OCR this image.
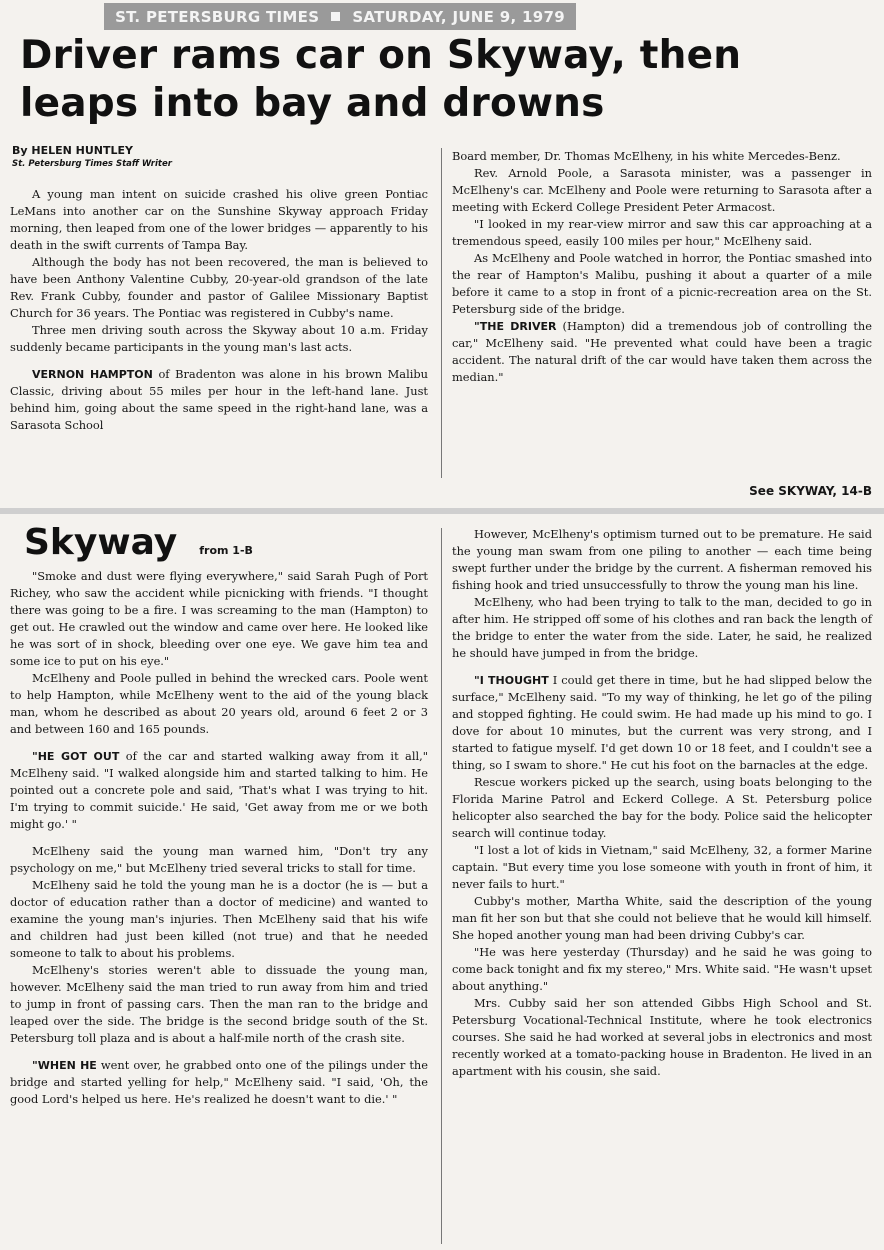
ST. PETERSBURG TIMES SATURDAY, JUNE 9, 1979
Driver rams car on Skyway, then leaps into bay and drowns
By HELEN HUNTLEY
St. Petersburg Times Staff Writer

A young man intent on suicide crashed his olive green Pontiac LeMans into another car on the Sunshine Skyway approach Friday morning, then leaped from one of the lower bridges — apparently to his death in the swift currents of Tampa Bay.

Although the body has not been recovered, the man is believed to have been Anthony Valentine Cubby, 20-year-old grandson of the late Rev. Frank Cubby, founder and pastor of Galilee Missionary Baptist Church for 36 years. The Pontiac was registered in Cubby's name.

Three men driving south across the Skyway about 10 a.m. Friday suddenly became participants in the young man's last acts.

VERNON HAMPTON of Bradenton was alone in his brown Malibu Classic, driving about 55 miles per hour in the left-hand lane. Just behind him, going about the same speed in the right-hand lane, was a Sarasota School

Board member, Dr. Thomas McElheny, in his white Mercedes-Benz.

Rev. Arnold Poole, a Sarasota minister, was a passenger in McElheny's car. McElheny and Poole were returning to Sarasota after a meeting with Eckerd College President Peter Armacost.

"I looked in my rear-view mirror and saw this car approaching at a tremendous speed, easily 100 miles per hour," McElheny said.

As McElheny and Poole watched in horror, the Pontiac smashed into the rear of Hampton's Malibu, pushing it about a quarter of a mile before it came to a stop in front of a picnic-recreation area on the St. Petersburg side of the bridge.

"THE DRIVER (Hampton) did a tremendous job of controlling the car," McElheny said. "He prevented what could have been a tragic accident. The natural drift of the car would have taken them across the median."

See SKYWAY, 14-B
Skyway from 1-B

"Smoke and dust were flying everywhere," said Sarah Pugh of Port Richey, who saw the accident while picnicking with friends. "I thought there was going to be a fire. I was screaming to the man (Hampton) to get out. He crawled out the window and came over here. He looked like he was sort of in shock, bleeding over one eye. We gave him tea and some ice to put on his eye."

McElheny and Poole pulled in behind the wrecked cars. Poole went to help Hampton, while McElheny went to the aid of the young black man, whom he described as about 20 years old, around 6 feet 2 or 3 and between 160 and 165 pounds.

"HE GOT OUT of the car and started walking away from it all," McElheny said. "I walked alongside him and started talking to him. He pointed out a concrete pole and said, 'That's what I was trying to hit. I'm trying to commit suicide.' He said, 'Get away from me or we both might go.' "

McElheny said the young man warned him, "Don't try any psychology on me," but McElheny tried several tricks to stall for time.

McElheny said he told the young man he is a doctor (he is — but a doctor of education rather than a doctor of medicine) and wanted to examine the young man's injuries. Then McElheny said that his wife and children had just been killed (not true) and that he needed someone to talk to about his problems.

McElheny's stories weren't able to dissuade the young man, however. McElheny said the man tried to run away from him and tried to jump in front of passing cars. Then the man ran to the bridge and leaped over the side. The bridge is the second bridge south of the St. Petersburg toll plaza and is about a half-mile north of the crash site.

"WHEN HE went over, he grabbed onto one of the pilings under the bridge and started yelling for help," McElheny said. "I said, 'Oh, the good Lord's helped us here. He's realized he doesn't want to die.' "

However, McElheny's optimism turned out to be premature. He said the young man swam from one piling to another — each time being swept further under the bridge by the current. A fisherman removed his fishing hook and tried unsuccessfully to throw the young man his line.

McElheny, who had been trying to talk to the man, decided to go in after him. He stripped off some of his clothes and ran back the length of the bridge to enter the water from the side. Later, he said, he realized he should have jumped in from the bridge.

"I THOUGHT I could get there in time, but he had slipped below the surface," McElheny said. "To my way of thinking, he let go of the piling and stopped fighting. He could swim. He had made up his mind to go. I dove for about 10 minutes, but the current was very strong, and I started to fatigue myself. I'd get down 10 or 18 feet, and I couldn't see a thing, so I swam to shore." He cut his foot on the barnacles at the edge.

Rescue workers picked up the search, using boats belonging to the Florida Marine Patrol and Eckerd College. A St. Petersburg police helicopter also searched the bay for the body. Police said the helicopter search will continue today.

"I lost a lot of kids in Vietnam," said McElheny, 32, a former Marine captain. "But every time you lose someone with youth in front of him, it never fails to hurt."

Cubby's mother, Martha White, said the description of the young man fit her son but that she could not believe that he would kill himself. She hoped another young man had been driving Cubby's car.

"He was here yesterday (Thursday) and he said he was going to come back tonight and fix my stereo," Mrs. White said. "He wasn't upset about anything."

Mrs. Cubby said her son attended Gibbs High School and St. Petersburg Vocational-Technical Institute, where he took electronics courses. She said he had worked at several jobs in electronics and most recently worked at a tomato-packing house in Bradenton. He lived in an apartment with his cousin, she said.
